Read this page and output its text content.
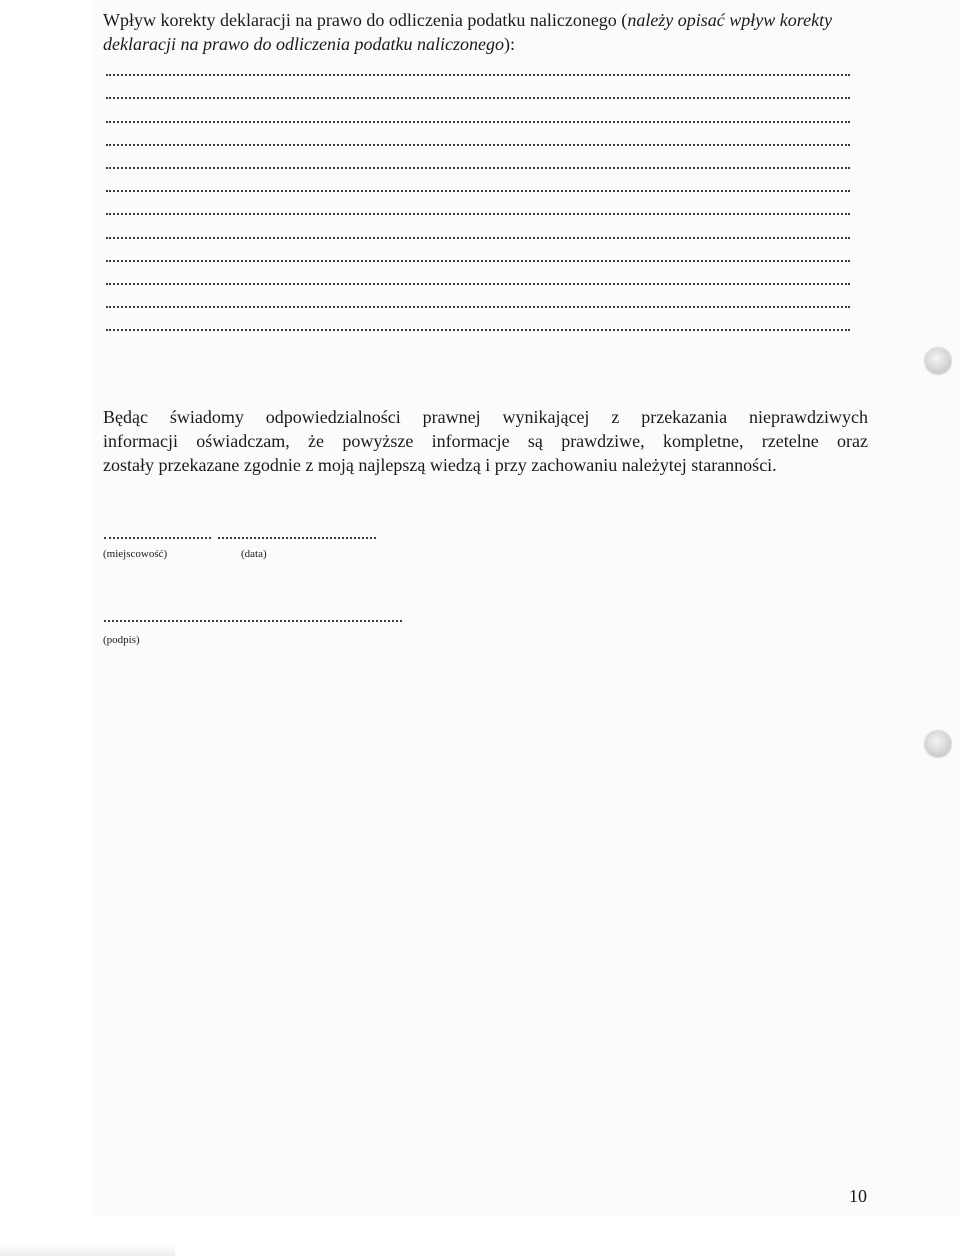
Wpływ korekty deklaracji na prawo do odliczenia podatku naliczonego (należy opisać wpływ korekty deklaracji na prawo do odliczenia podatku naliczonego):
Będąc świadomy odpowiedzialności prawnej wynikającej z przekazania nieprawdziwych
informacji oświadczam, że powyższe informacje są prawdziwe, kompletne, rzetelne oraz
zostały przekazane zgodnie z moją najlepszą wiedzą i przy zachowaniu należytej staranności.
(miejscowość)	(data)
(podpis)
10
